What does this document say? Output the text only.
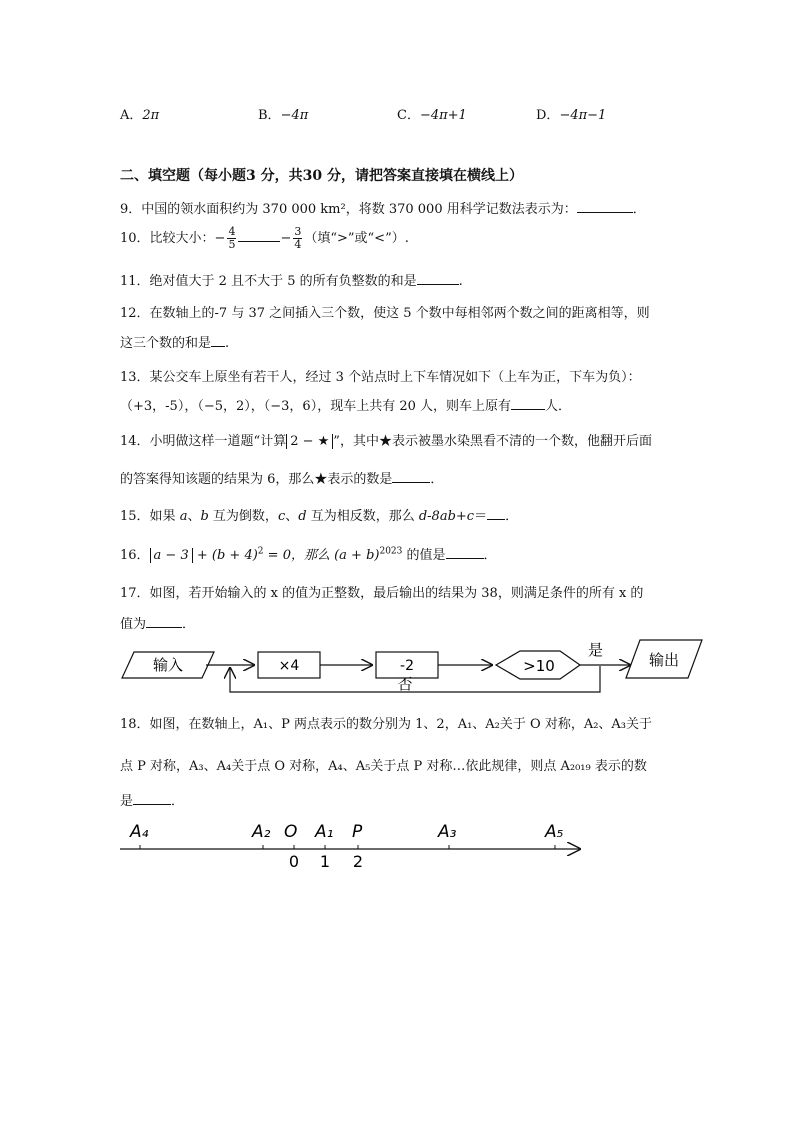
A．2π	B．−4π	C．−4π+1	D．−4π−1
二、填空题（每小题3 分，共30 分，请把答案直接填在横线上）
9．中国的领水面积约为 370 000 km²，将数 370 000 用科学记数法表示为：	．
10．比较大小：− $\frac{4}{5}$	− $\frac{3}{4}$ （填“>”或“<”）.
11．绝对值大于 2 且不大于 5 的所有负整数的和是	.
12．在数轴上的-7 与 37 之间插入三个数，使这 5 个数中每相邻两个数之间的距离相等，则
这三个数的和是 .
13．某公交车上原坐有若干人，经过 3 个站点时上下车情况如下（上车为正，下车为负）：
（+3，-5），（−5，2），（−3，6），现车上共有 20 人，则车上原有	人．
14．小明做这样一道题“计算 2 − ★ ”，其中★表示被墨水染黑看不清的一个数，他翻开后面
的答案得知该题的结果为 6，那么★表示的数是	．
15．如果 a、b 互为倒数，c、d 互为相反数，那么 d-8ab+c＝ ．
16． $a - 3 + (b + 4)^2 = 0$，那么 $(a + b)^{2023}$ 的值是	．
17．如图，若开始输入的 x 的值为正整数，最后输出的结果为 38，则满足条件的所有 x 的
值为	．
输入	×4	-2	>10
是
输出
否
18．如图，在数轴上，A₁、P 两点表示的数分别为 1、2，A₁、A₂关于 O 对称，A₂、A₃关于
点 P 对称，A₃、A₄关于点 O 对称，A₄、A₅关于点 P 对称…依此规律，则点 A₂₀₁₉ 表示的数
是	．
A₄	A₂ O A₁ P	A₃	A₅
0 1 2
